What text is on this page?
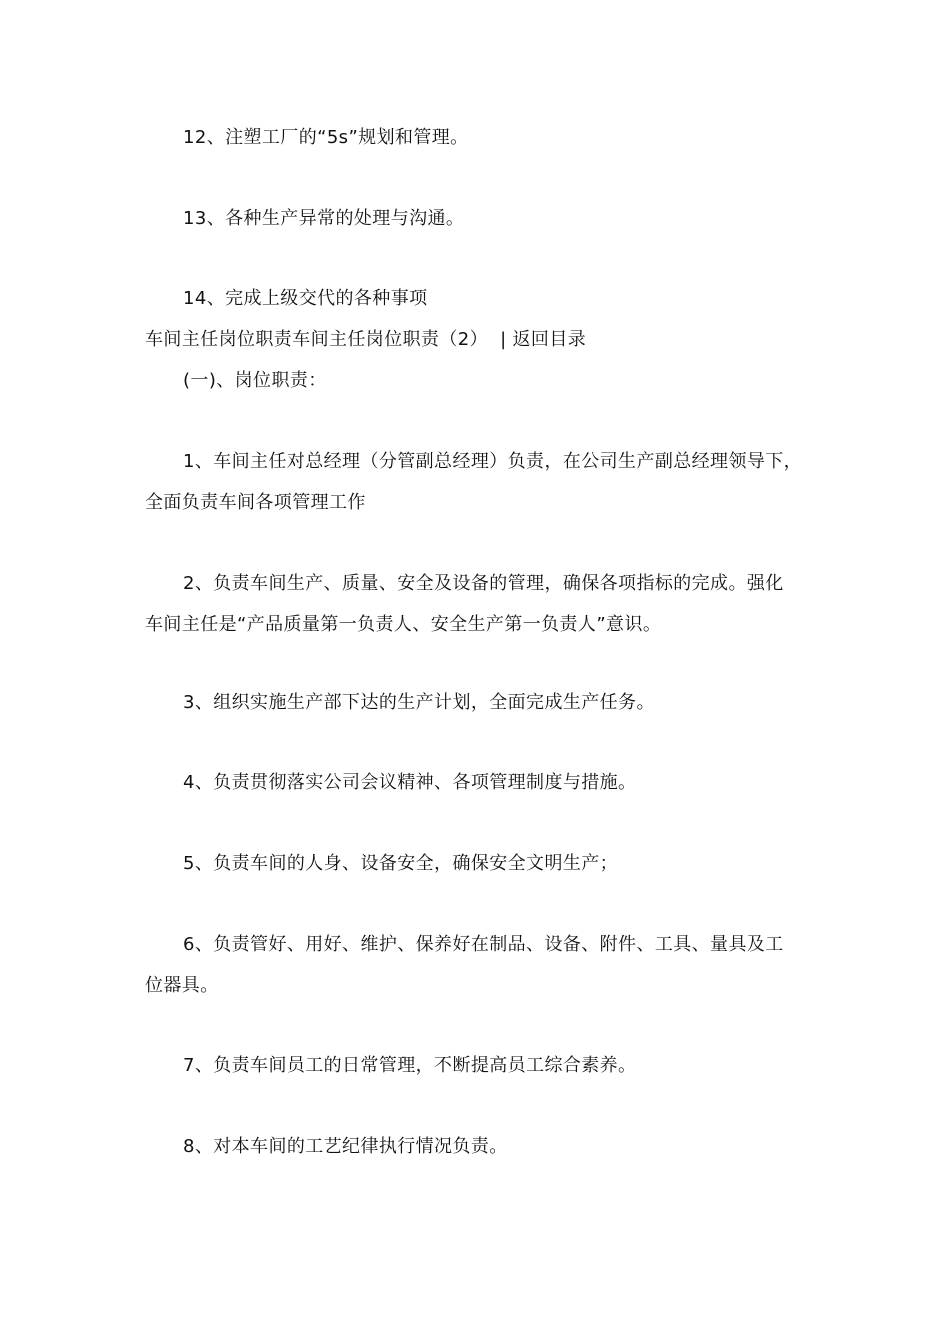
12、注塑工厂的“5s”规划和管理。
13、各种生产异常的处理与沟通。
14、完成上级交代的各种事项
车间主任岗位职责车间主任岗位职责（2） | 返回目录
(一)、岗位职责：
1、车间主任对总经理（分管副总经理）负责，在公司生产副总经理领导下，
全面负责车间各项管理工作
2、负责车间生产、质量、安全及设备的管理，确保各项指标的完成。强化
车间主任是“产品质量第一负责人、安全生产第一负责人”意识。
3、组织实施生产部下达的生产计划，全面完成生产任务。
4、负责贯彻落实公司会议精神、各项管理制度与措施。
5、负责车间的人身、设备安全，确保安全文明生产；
6、负责管好、用好、维护、保养好在制品、设备、附件、工具、量具及工
位器具。
7、负责车间员工的日常管理，不断提高员工综合素养。
8、对本车间的工艺纪律执行情况负责。
